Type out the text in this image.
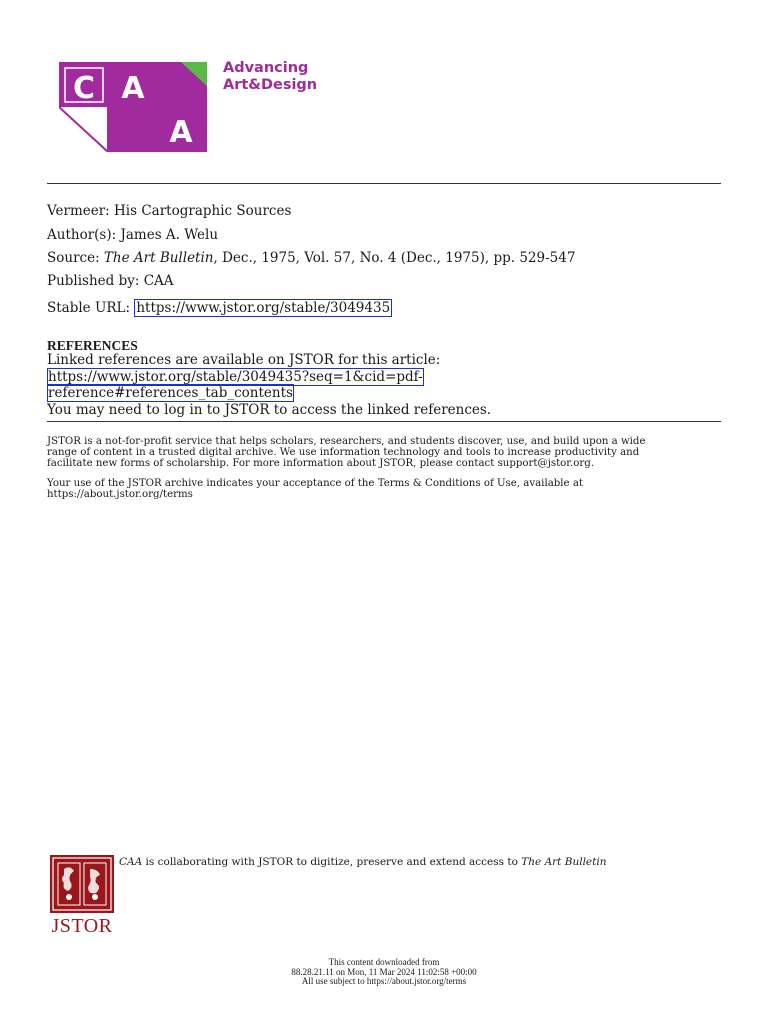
C A
A
Advancing
Art&Design
Vermeer: His Cartographic Sources
Author(s): James A. Welu
Source: The Art Bulletin, Dec., 1975, Vol. 57, No. 4 (Dec., 1975), pp. 529-547
Published by: CAA
Stable URL: https://www.jstor.org/stable/3049435
REFERENCES
Linked references are available on JSTOR for this article:
https://www.jstor.org/stable/3049435?seq=1&cid=pdf-
reference#references_tab_contents
You may need to log in to JSTOR to access the linked references.
JSTOR is a not-for-profit service that helps scholars, researchers, and students discover, use, and build upon a wide
range of content in a trusted digital archive. We use information technology and tools to increase productivity and
facilitate new forms of scholarship. For more information about JSTOR, please contact support@jstor.org.
Your use of the JSTOR archive indicates your acceptance of the Terms & Conditions of Use, available at
https://about.jstor.org/terms
JSTOR
CAA is collaborating with JSTOR to digitize, preserve and extend access to The Art Bulletin
This content downloaded from
88.28.21.11 on Mon, 11 Mar 2024 11:02:58 +00:00
All use subject to https://about.jstor.org/terms
